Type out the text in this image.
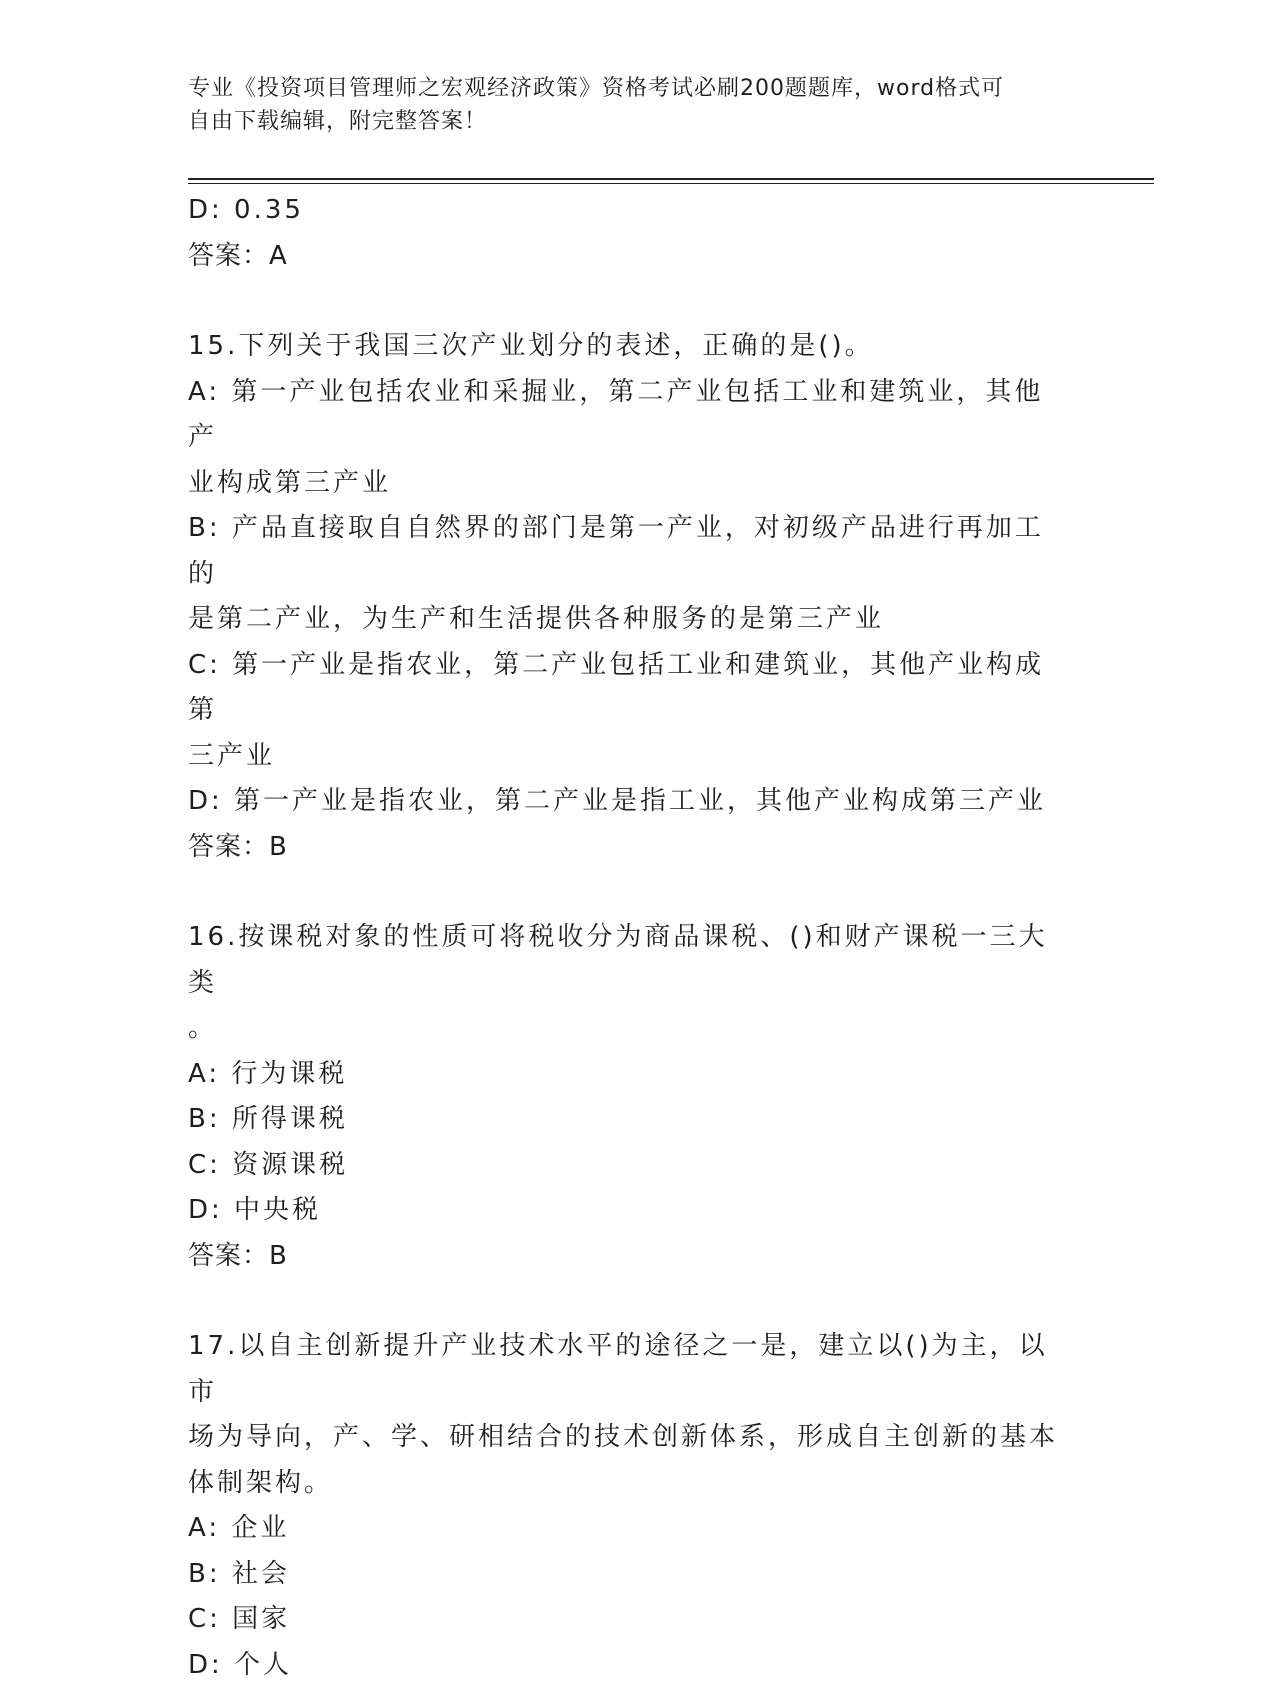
专业《投资项目管理师之宏观经济政策》资格考试必刷200题题库，word格式可
自由下载编辑，附完整答案！
D: 0.35
答案：A
15.下列关于我国三次产业划分的表述，正确的是()。
A: 第一产业包括农业和采掘业，第二产业包括工业和建筑业，其他产
业构成第三产业
B: 产品直接取自自然界的部门是第一产业，对初级产品进行再加工的
是第二产业，为生产和生活提供各种服务的是第三产业
C: 第一产业是指农业，第二产业包括工业和建筑业，其他产业构成第
三产业
D: 第一产业是指农业，第二产业是指工业，其他产业构成第三产业
答案：B
16.按课税对象的性质可将税收分为商品课税、()和财产课税一三大类
。
A: 行为课税
B: 所得课税
C: 资源课税
D: 中央税
答案：B
17.以自主创新提升产业技术水平的途径之一是，建立以()为主，以市
场为导向，产、学、研相结合的技术创新体系，形成自主创新的基本
体制架构。
A: 企业
B: 社会
C: 国家
D: 个人
